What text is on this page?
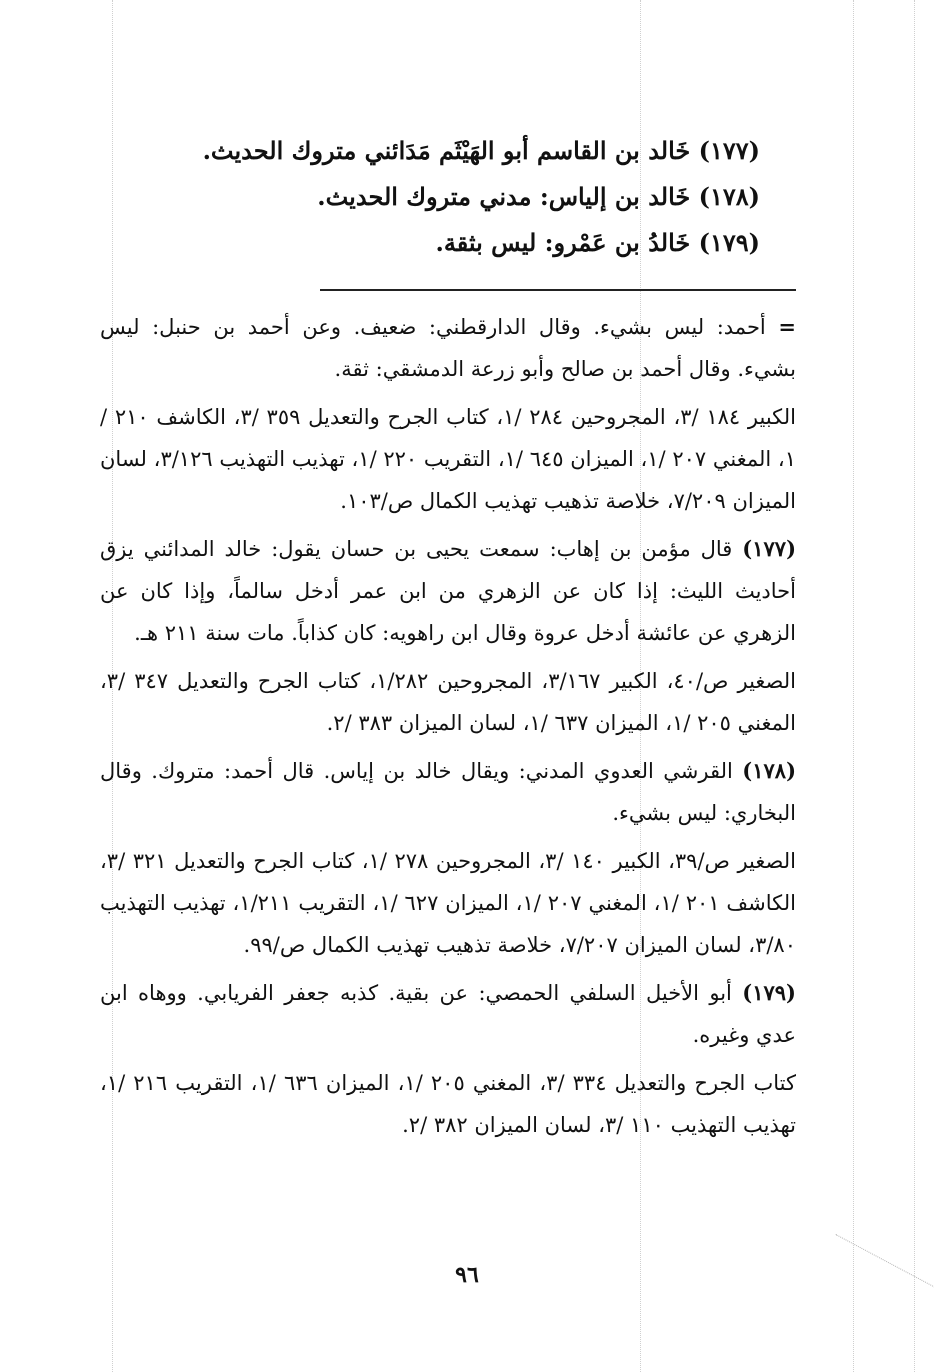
(١٧٧) خَالد بن القاسم أبو الهَيْثَم مَدَائني متروك الحديث.
(١٧٨) خَالد بن إلياس: مدني متروك الحديث.
(١٧٩) خَالدُ بن عَمْرو: ليس بثقة.

= أحمد: ليس بشيء. وقال الدارقطني: ضعيف. وعن أحمد بن حنبل: ليس بشيء. وقال أحمد بن صالح وأبو زرعة الدمشقي: ثقة.

الكبير ١٨٤ /٣، المجروحين ٢٨٤ /١، كتاب الجرح والتعديل ٣٥٩ /٣، الكاشف ٢١٠ /١، المغني ٢٠٧ /١، الميزان ٦٤٥ /١، التقريب ٢٢٠ /١، تهذيب التهذيب ٣/١٢٦، لسان الميزان ٧/٢٠٩، خلاصة تذهيب تهذيب الكمال ص/١٠٣.

(١٧٧) قال مؤمن بن إهاب: سمعت يحيى بن حسان يقول: خالد المدائني يزق أحاديث الليث: إذا كان عن الزهري من ابن عمر أدخل سالماً، وإذا كان عن الزهري عن عائشة أدخل عروة وقال ابن راهويه: كان كذاباً. مات سنة ٢١١ هـ.

الصغير ص/٤٠، الكبير ٣/١٦٧، المجروحين ١/٢٨٢، كتاب الجرح والتعديل ٣٤٧ /٣، المغني ٢٠٥ /١، الميزان ٦٣٧ /١، لسان الميزان ٣٨٣ /٢.

(١٧٨) القرشي العدوي المدني: ويقال خالد بن إياس. قال أحمد: متروك. وقال البخاري: ليس بشيء.

الصغير ص/٣٩، الكبير ١٤٠ /٣، المجروحين ٢٧٨ /١، كتاب الجرح والتعديل ٣٢١ /٣، الكاشف ٢٠١ /١، المغني ٢٠٧ /١، الميزان ٦٢٧ /١، التقريب ١/٢١١، تهذيب التهذيب ٣/٨٠، لسان الميزان ٧/٢٠٧، خلاصة تذهيب تهذيب الكمال ص/٩٩.

(١٧٩) أبو الأخيل السلفي الحمصي: عن بقية. كذبه جعفر الفريابي. ووهاه ابن عدي وغيره.

كتاب الجرح والتعديل ٣٣٤ /٣، المغني ٢٠٥ /١، الميزان ٦٣٦ /١، التقريب ٢١٦ /١، تهذيب التهذيب ١١٠ /٣، لسان الميزان ٣٨٢ /٢.

٩٦
